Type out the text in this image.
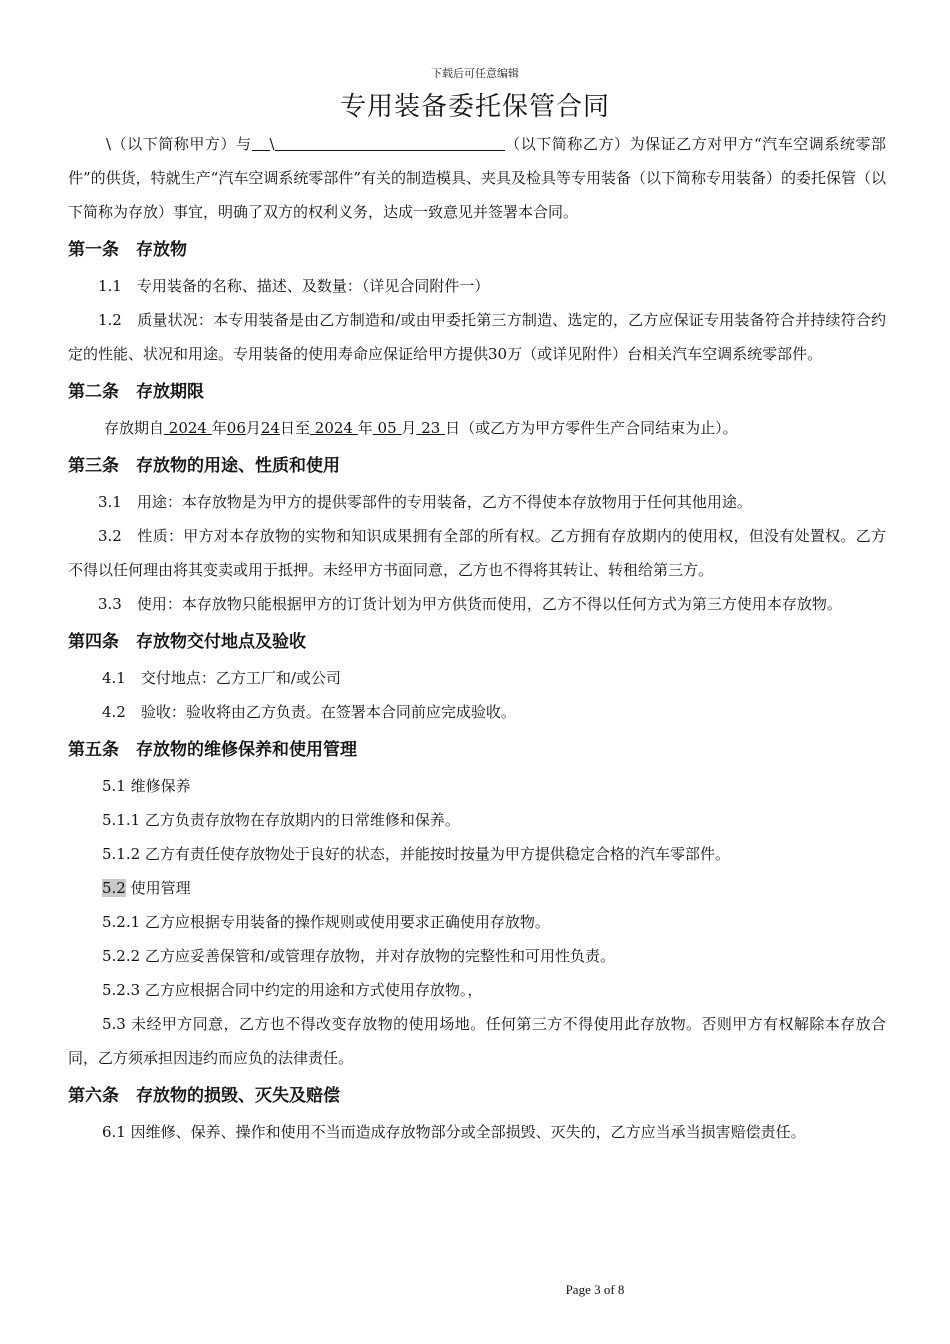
下载后可任意编辑
专用装备委托保管合同

\（以下简称甲方）与 \	（以下简称乙方）为保证乙方对甲方“汽车空调系统零部件”的供货，特就生产“汽车空调系统零部件”有关的制造模具、夹具及检具等专用装备（以下简称专用装备）的委托保管（以下简称为存放）事宜，明确了双方的权利义务，达成一致意见并签署本合同。

第一条　存放物

1.1　专用装备的名称、描述、及数量：（详见合同附件一）

1.2　质量状况：本专用装备是由乙方制造和/或由甲委托第三方制造、选定的，乙方应保证专用装备符合并持续符合约定的性能、状况和用途。专用装备的使用寿命应保证给甲方提供30万（或详见附件）台相关汽车空调系统零部件。

第二条　存放期限

存放期自 2024 年06月24日至 2024 年 05 月 23 日（或乙方为甲方零件生产合同结束为止）。

第三条　存放物的用途、性质和使用

3.1　用途：本存放物是为甲方的提供零部件的专用装备，乙方不得使本存放物用于任何其他用途。

3.2　性质：甲方对本存放物的实物和知识成果拥有全部的所有权。乙方拥有存放期内的使用权，但没有处置权。乙方不得以任何理由将其变卖或用于抵押。未经甲方书面同意，乙方也不得将其转让、转租给第三方。

3.3　使用：本存放物只能根据甲方的订货计划为甲方供货而使用，乙方不得以任何方式为第三方使用本存放物。

第四条　存放物交付地点及验收

4.1　交付地点：乙方工厂和/或公司

4.2　验收：验收将由乙方负责。在签署本合同前应完成验收。

第五条　存放物的维修保养和使用管理

5.1 维修保养

5.1.1 乙方负责存放物在存放期内的日常维修和保养。

5.1.2 乙方有责任使存放物处于良好的状态，并能按时按量为甲方提供稳定合格的汽车零部件。

5.2 使用管理

5.2.1 乙方应根据专用装备的操作规则或使用要求正确使用存放物。

5.2.2 乙方应妥善保管和/或管理存放物，并对存放物的完整性和可用性负责。

5.2.3 乙方应根据合同中约定的用途和方式使用存放物。，

5.3 未经甲方同意，乙方也不得改变存放物的使用场地。任何第三方不得使用此存放物。否则甲方有权解除本存放合同，乙方须承担因违约而应负的法律责任。

第六条　存放物的损毁、灭失及赔偿

6.1 因维修、保养、操作和使用不当而造成存放物部分或全部损毁、灭失的，乙方应当承当损害赔偿责任。

Page 3 of 8
